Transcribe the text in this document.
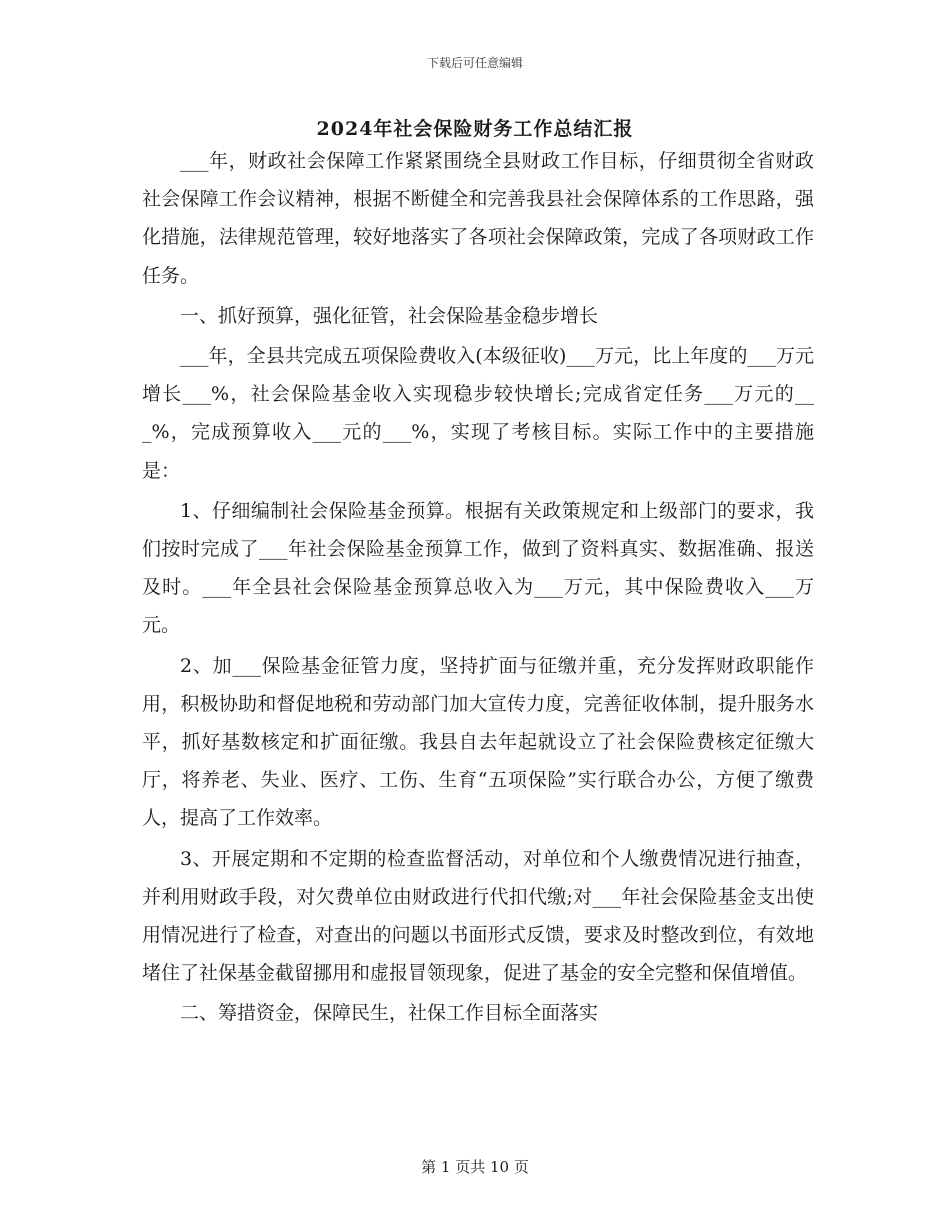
下载后可任意编辑
2024年社会保险财务工作总结汇报

___年，财政社会保障工作紧紧围绕全县财政工作目标，仔细贯彻全省财政社会保障工作会议精神，根据不断健全和完善我县社会保障体系的工作思路，强化措施，法律规范管理，较好地落实了各项社会保障政策，完成了各项财政工作任务。

一、抓好预算，强化征管，社会保险基金稳步增长

___年，全县共完成五项保险费收入(本级征收)___万元，比上年度的___万元增长___%，社会保险基金收入实现稳步较快增长;完成省定任务___万元的___%，完成预算收入___元的___%，实现了考核目标。实际工作中的主要措施是：

1、仔细编制社会保险基金预算。根据有关政策规定和上级部门的要求，我们按时完成了___年社会保险基金预算工作，做到了资料真实、数据准确、报送及时。___年全县社会保险基金预算总收入为___万元，其中保险费收入___万元。

2、加___保险基金征管力度，坚持扩面与征缴并重，充分发挥财政职能作用，积极协助和督促地税和劳动部门加大宣传力度，完善征收体制，提升服务水平，抓好基数核定和扩面征缴。我县自去年起就设立了社会保险费核定征缴大厅，将养老、失业、医疗、工伤、生育“五项保险”实行联合办公，方便了缴费人，提高了工作效率。

3、开展定期和不定期的检查监督活动，对单位和个人缴费情况进行抽查，并利用财政手段，对欠费单位由财政进行代扣代缴;对___年社会保险基金支出使用情况进行了检查，对查出的问题以书面形式反馈，要求及时整改到位，有效地堵住了社保基金截留挪用和虚报冒领现象，促进了基金的安全完整和保值增值。

二、筹措资金，保障民生，社保工作目标全面落实

第 1 页共 10 页
